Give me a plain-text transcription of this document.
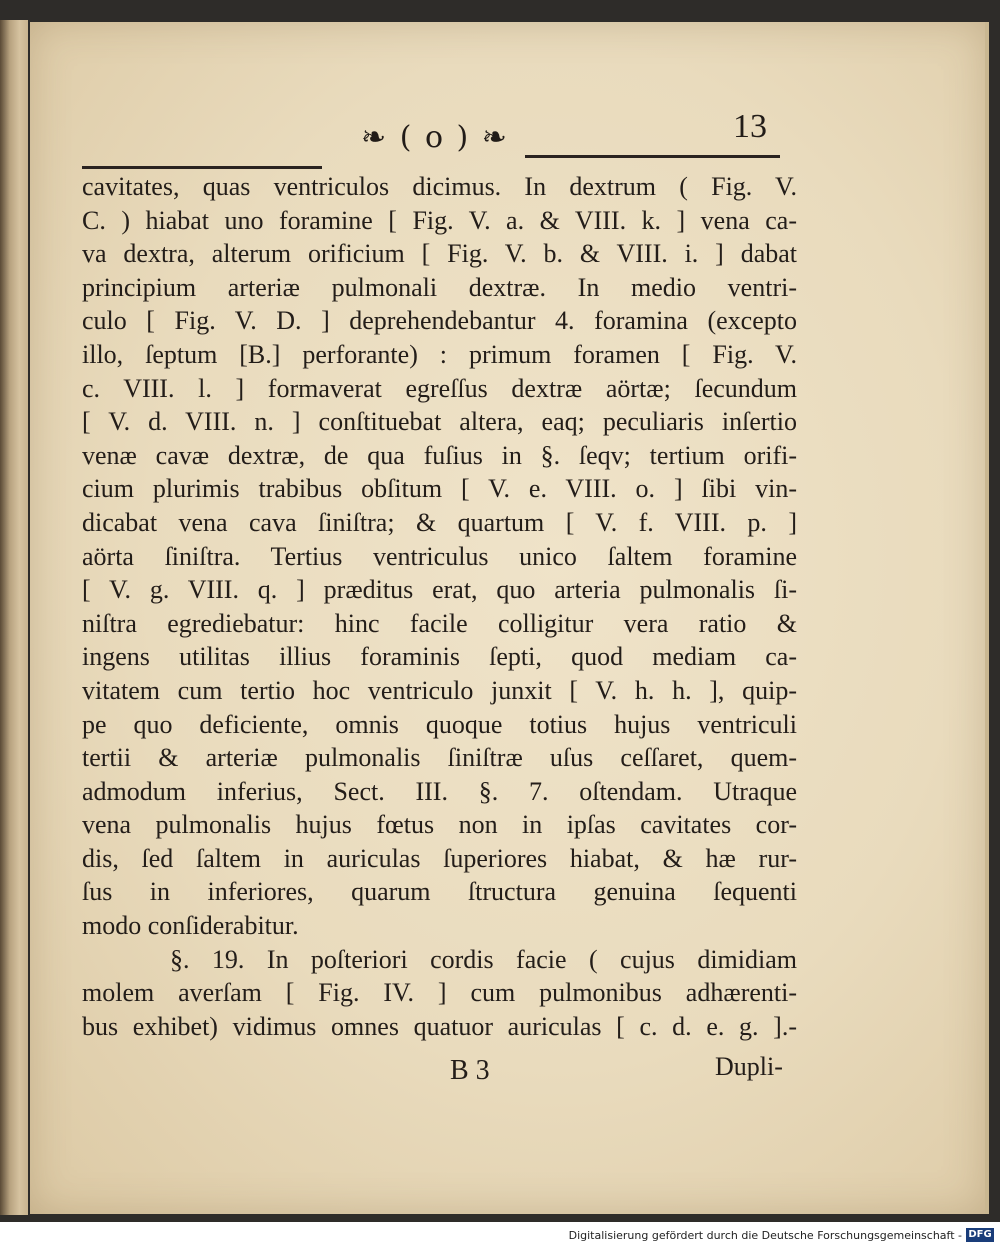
❧ ( o ) ❧	13
cavitates, quas ventriculos dicimus. In dextrum ( Fig. V.
C. ) hiabat uno foramine [ Fig. V. a. & VIII. k. ] vena ca-
va dextra, alterum orificium [ Fig. V. b. & VIII. i. ] dabat
principium arteriæ pulmonali dextræ. In medio ventri-
culo [ Fig. V. D. ] deprehendebantur 4. foramina (excepto
illo, ſeptum [B.] perforante) : primum foramen [ Fig. V.
c. VIII. l. ] formaverat egreſſus dextræ aörtæ; ſecundum
[ V. d. VIII. n. ] conſtituebat altera, eaq; peculiaris inſertio
venæ cavæ dextræ, de qua fuſius in §. ſeqv; tertium orifi-
cium plurimis trabibus obſitum [ V. e. VIII. o. ] ſibi vin-
dicabat vena cava ſiniſtra; & quartum [ V. f. VIII. p. ]
aörta ſiniſtra. Tertius ventriculus unico ſaltem foramine
[ V. g. VIII. q. ] præditus erat, quo arteria pulmonalis ſi-
niſtra egrediebatur: hinc facile colligitur vera ratio &
ingens utilitas illius foraminis ſepti, quod mediam ca-
vitatem cum tertio hoc ventriculo junxit [ V. h. h. ], quip-
pe quo deficiente, omnis quoque totius hujus ventriculi
tertii & arteriæ pulmonalis ſiniſtræ uſus ceſſaret, quem-
admodum inferius, Sect. III. §. 7. oſtendam. Utraque
vena pulmonalis hujus fœtus non in ipſas cavitates cor-
dis, ſed ſaltem in auriculas ſuperiores hiabat, & hæ rur-
ſus in inferiores, quarum ſtructura genuina ſequenti
modo conſiderabitur.
§. 19. In poſteriori cordis facie ( cujus dimidiam
molem averſam [ Fig. IV. ] cum pulmonibus adhærenti-
bus exhibet) vidimus omnes quatuor auriculas [ c. d. e. g. ].-
B 3	Dupli-
Digitalisierung gefördert durch die Deutsche Forschungsgemeinschaft - DFG
